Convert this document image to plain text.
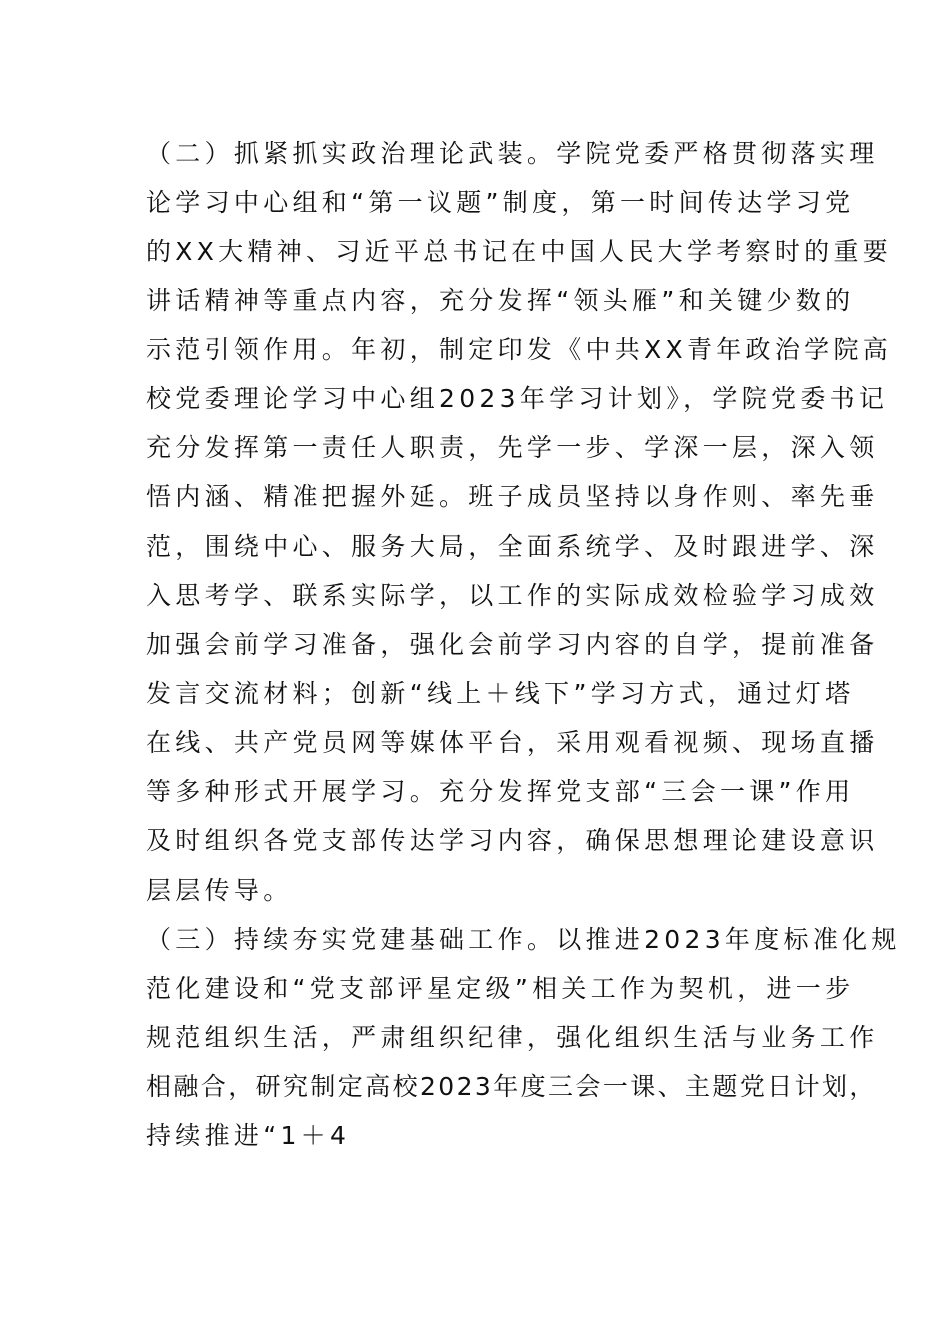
（二）抓紧抓实政治理论武装。学院党委严格贯彻落实理
论学习中心组和“第一议题”制度，第一时间传达学习党
的XX大精神、习近平总书记在中国人民大学考察时的重要
讲话精神等重点内容，充分发挥“领头雁”和关键少数的
示范引领作用。年初，制定印发《中共XX青年政治学院高
校党委理论学习中心组2023年学习计划》，学院党委书记
充分发挥第一责任人职责，先学一步、学深一层，深入领
悟内涵、精准把握外延。班子成员坚持以身作则、率先垂
范，围绕中心、服务大局，全面系统学、及时跟进学、深
入思考学、联系实际学，以工作的实际成效检验学习成效
加强会前学习准备，强化会前学习内容的自学，提前准备
发言交流材料；创新“线上＋线下”学习方式，通过灯塔
在线、共产党员网等媒体平台，采用观看视频、现场直播
等多种形式开展学习。充分发挥党支部“三会一课”作用
及时组织各党支部传达学习内容，确保思想理论建设意识
层层传导。
（三）持续夯实党建基础工作。以推进2023年度标准化规
范化建设和“党支部评星定级”相关工作为契机，进一步
规范组织生活，严肃组织纪律，强化组织生活与业务工作
相融合，研究制定高校2023年度三会一课、主题党日计划，
持续推进“1＋4
